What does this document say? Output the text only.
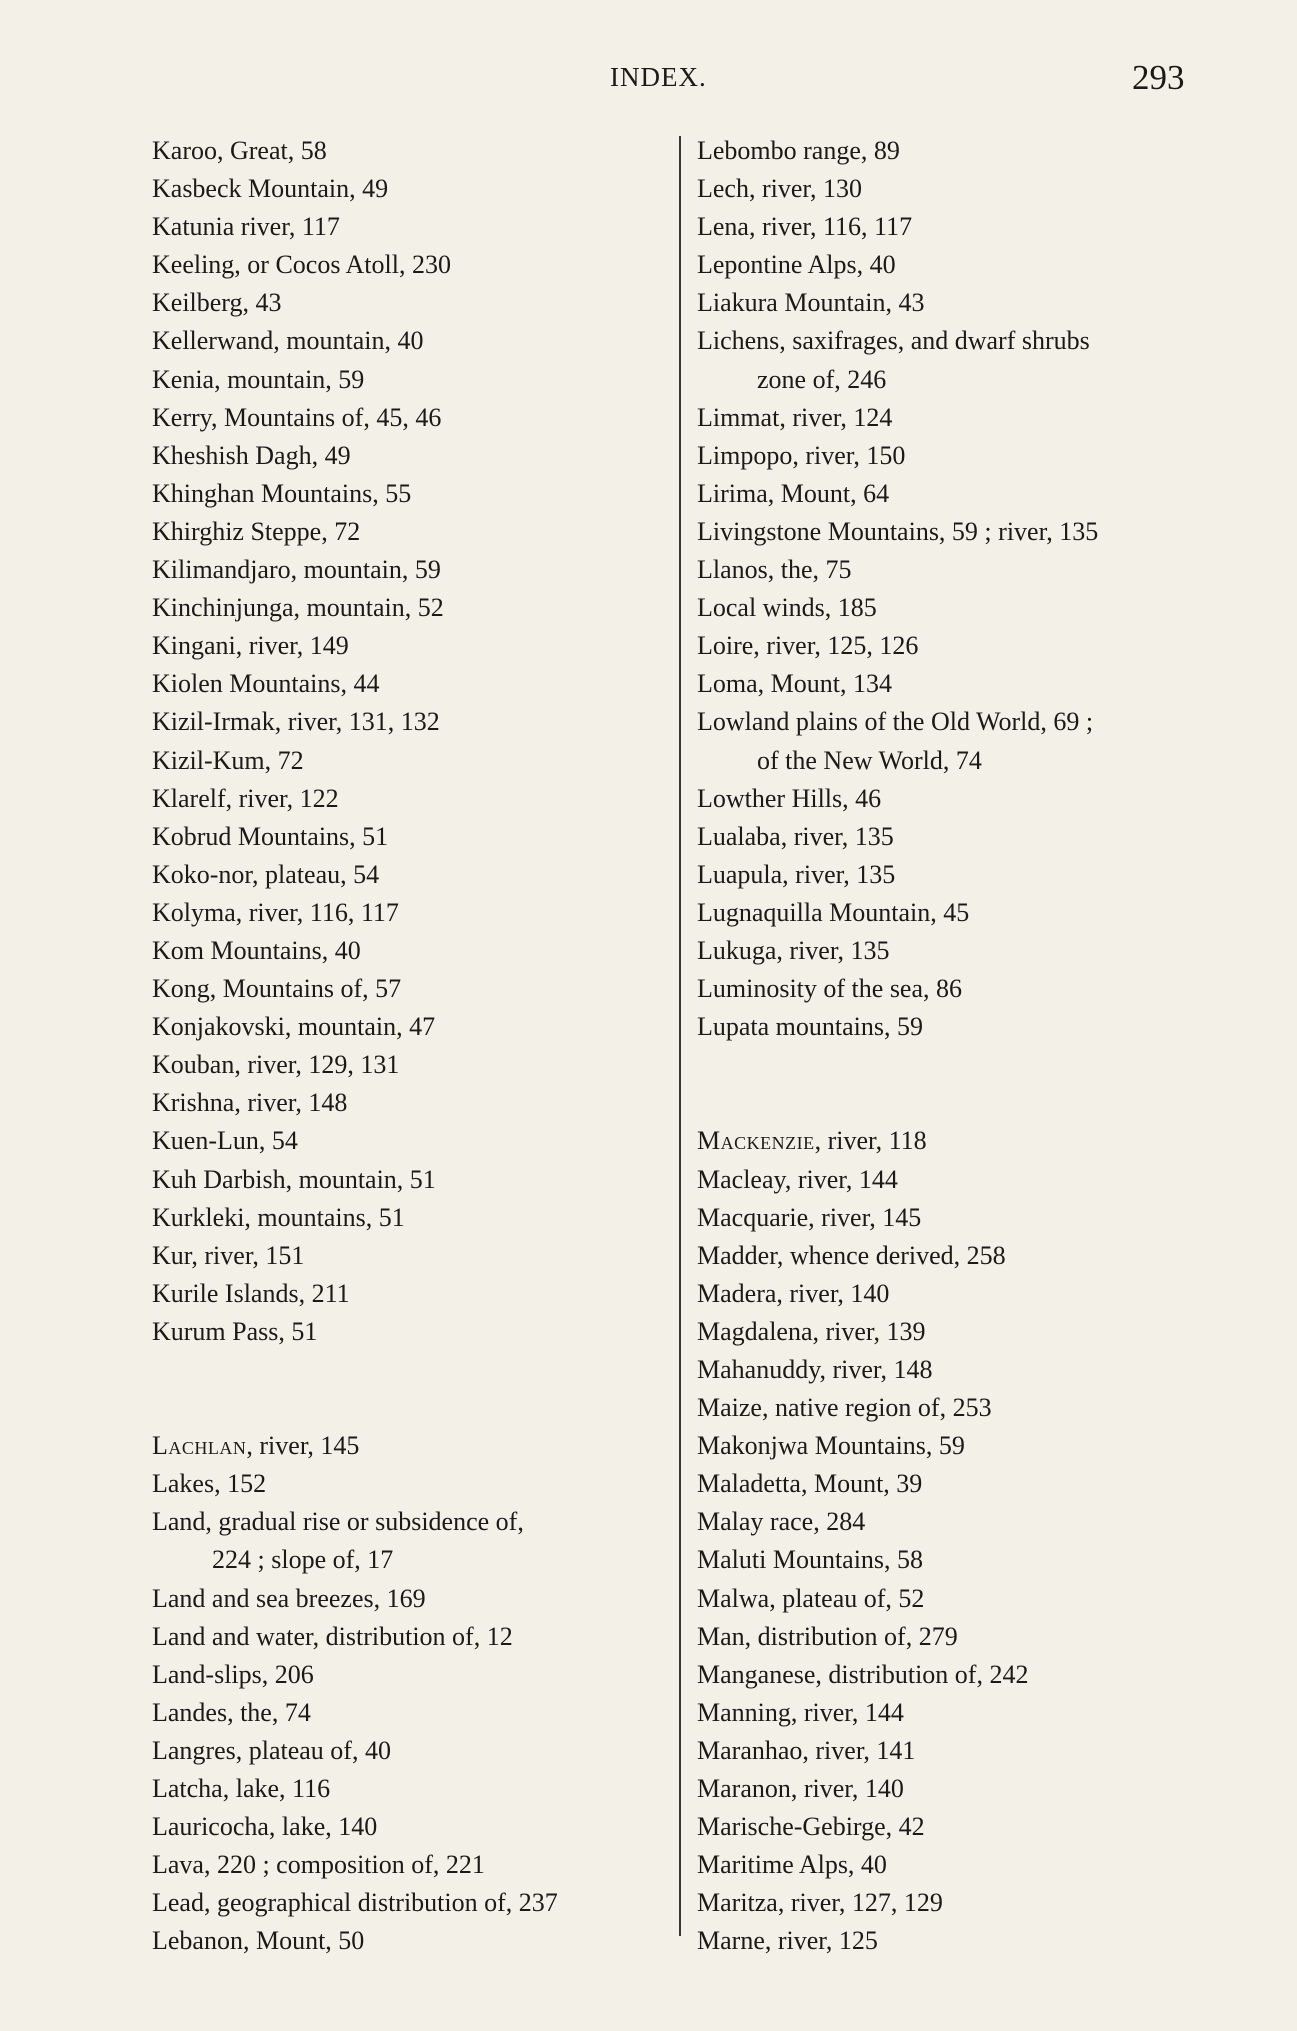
INDEX.	293
Karoo, Great, 58
Kasbeck Mountain, 49
Katunia river, 117
Keeling, or Cocos Atoll, 230
Keilberg, 43
Kellerwand, mountain, 40
Kenia, mountain, 59
Kerry, Mountains of, 45, 46
Kheshish Dagh, 49
Khinghan Mountains, 55
Khirghiz Steppe, 72
Kilimandjaro, mountain, 59
Kinchinjunga, mountain, 52
Kingani, river, 149
Kiolen Mountains, 44
Kizil-Irmak, river, 131, 132
Kizil-Kum, 72
Klarelf, river, 122
Kobrud Mountains, 51
Koko-nor, plateau, 54
Kolyma, river, 116, 117
Kom Mountains, 40
Kong, Mountains of, 57
Konjakovski, mountain, 47
Kouban, river, 129, 131
Krishna, river, 148
Kuen-Lun, 54
Kuh Darbish, mountain, 51
Kurkleki, mountains, 51
Kur, river, 151
Kurile Islands, 211
Kurum Pass, 51
Lachlan, river, 145
Lakes, 152
Land, gradual rise or subsidence of,
224 ; slope of, 17
Land and sea breezes, 169
Land and water, distribution of, 12
Land-slips, 206
Landes, the, 74
Langres, plateau of, 40
Latcha, lake, 116
Lauricocha, lake, 140
Lava, 220 ; composition of, 221
Lead, geographical distribution of, 237
Lebanon, Mount, 50
Lebombo range, 89
Lech, river, 130
Lena, river, 116, 117
Lepontine Alps, 40
Liakura Mountain, 43
Lichens, saxifrages, and dwarf shrubs
zone of, 246
Limmat, river, 124
Limpopo, river, 150
Lirima, Mount, 64
Livingstone Mountains, 59 ; river, 135
Llanos, the, 75
Local winds, 185
Loire, river, 125, 126
Loma, Mount, 134
Lowland plains of the Old World, 69 ;
of the New World, 74
Lowther Hills, 46
Lualaba, river, 135
Luapula, river, 135
Lugnaquilla Mountain, 45
Lukuga, river, 135
Luminosity of the sea, 86
Lupata mountains, 59
Mackenzie, river, 118
Macleay, river, 144
Macquarie, river, 145
Madder, whence derived, 258
Madera, river, 140
Magdalena, river, 139
Mahanuddy, river, 148
Maize, native region of, 253
Makonjwa Mountains, 59
Maladetta, Mount, 39
Malay race, 284
Maluti Mountains, 58
Malwa, plateau of, 52
Man, distribution of, 279
Manganese, distribution of, 242
Manning, river, 144
Maranhao, river, 141
Maranon, river, 140
Marische-Gebirge, 42
Maritime Alps, 40
Maritza, river, 127, 129
Marne, river, 125
